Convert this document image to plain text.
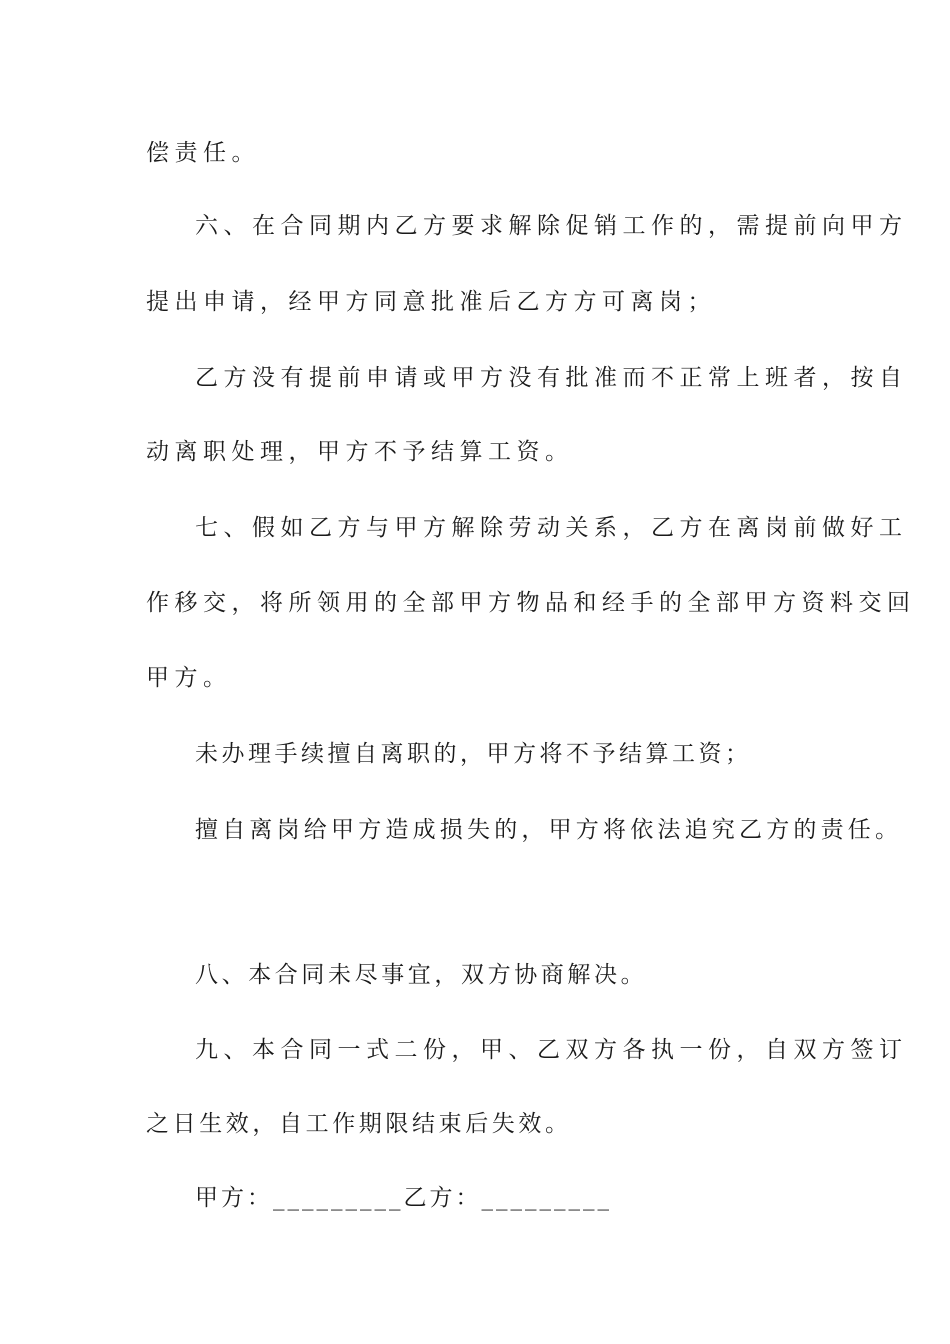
偿责任。
六、在合同期内乙方要求解除促销工作的，需提前向甲方
提出申请，经甲方同意批准后乙方方可离岗；
乙方没有提前申请或甲方没有批准而不正常上班者，按自
动离职处理，甲方不予结算工资。
七、假如乙方与甲方解除劳动关系，乙方在离岗前做好工
作移交，将所领用的全部甲方物品和经手的全部甲方资料交回
甲方。
未办理手续擅自离职的，甲方将不予结算工资；
擅自离岗给甲方造成损失的，甲方将依法追究乙方的责任。
八、本合同未尽事宜，双方协商解决。
九、本合同一式二份，甲、乙双方各执一份，自双方签订
之日生效，自工作期限结束后失效。
甲方：_________乙方：_________
